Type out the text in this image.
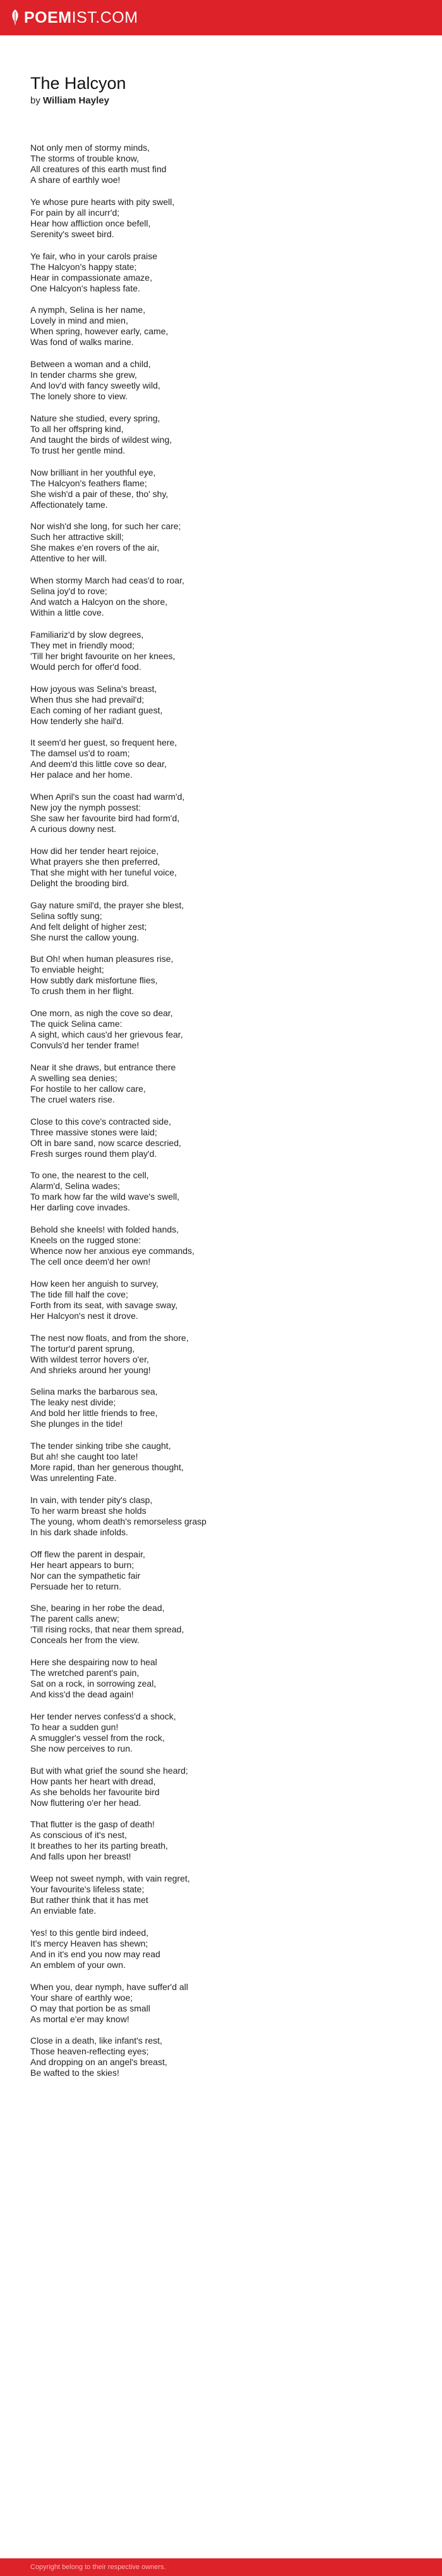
POEM IST.COM
The Halcyon
by William Hayley
Not only men of stormy minds,
The storms of trouble know,
All creatures of this earth must find
A share of earthly woe!
Ye whose pure hearts with pity swell,
For pain by all incurr'd;
Hear how affliction once befell,
Serenity's sweet bird.
Ye fair, who in your carols praise
The Halcyon's happy state;
Hear in compassionate amaze,
One Halcyon's hapless fate.
A nymph, Selina is her name,
Lovely in mind and mien,
When spring, however early, came,
Was fond of walks marine.
Between a woman and a child,
In tender charms she grew,
And lov'd with fancy sweetly wild,
The lonely shore to view.
Nature she studied, every spring,
To all her offspring kind,
And taught the birds of wildest wing,
To trust her gentle mind.
Now brilliant in her youthful eye,
The Halcyon's feathers flame;
She wish'd a pair of these, tho' shy,
Affectionately tame.
Nor wish'd she long, for such her care;
Such her attractive skill;
She makes e'en rovers of the air,
Attentive to her will.
When stormy March had ceas'd to roar,
Selina joy'd to rove;
And watch a Halcyon on the shore,
Within a little cove.
Familiariz'd by slow degrees,
They met in friendly mood;
'Till her bright favourite on her knees,
Would perch for offer'd food.
How joyous was Selina's breast,
When thus she had prevail'd;
Each coming of her radiant guest,
How tenderly she hail'd.
It seem'd her guest, so frequent here,
The damsel us'd to roam;
And deem'd this little cove so dear,
Her palace and her home.
When April's sun the coast had warm'd,
New joy the nymph possest:
She saw her favourite bird had form'd,
A curious downy nest.
How did her tender heart rejoice,
What prayers she then preferred,
That she might with her tuneful voice,
Delight the brooding bird.
Gay nature smil'd, the prayer she blest,
Selina softly sung;
And felt delight of higher zest;
She nurst the callow young.
But Oh! when human pleasures rise,
To enviable height;
How subtly dark misfortune flies,
To crush them in her flight.
One morn, as nigh the cove so dear,
The quick Selina came:
A sight, which caus'd her grievous fear,
Convuls'd her tender frame!
Near it she draws, but entrance there
A swelling sea denies;
For hostile to her callow care,
The cruel waters rise.
Close to this cove's contracted side,
Three massive stones were laid;
Oft in bare sand, now scarce descried,
Fresh surges round them play'd.
To one, the nearest to the cell,
Alarm'd, Selina wades;
To mark how far the wild wave's swell,
Her darling cove invades.
Behold she kneels! with folded hands,
Kneels on the rugged stone:
Whence now her anxious eye commands,
The cell once deem'd her own!
How keen her anguish to survey,
The tide fill half the cove;
Forth from its seat, with savage sway,
Her Halcyon's nest it drove.
The nest now floats, and from the shore,
The tortur'd parent sprung,
With wildest terror hovers o'er,
And shrieks around her young!
Selina marks the barbarous sea,
The leaky nest divide;
And bold her little friends to free,
She plunges in the tide!
The tender sinking tribe she caught,
But ah! she caught too late!
More rapid, than her generous thought,
Was unrelenting Fate.
In vain, with tender pity's clasp,
To her warm breast she holds
The young, whom death's remorseless grasp
In his dark shade infolds.
Off flew the parent in despair,
Her heart appears to burn;
Nor can the sympathetic fair
Persuade her to return.
She, bearing in her robe the dead,
The parent calls anew;
'Till rising rocks, that near them spread,
Conceals her from the view.
Here she despairing now to heal
The wretched parent's pain,
Sat on a rock, in sorrowing zeal,
And kiss'd the dead again!
Her tender nerves confess'd a shock,
To hear a sudden gun!
A smuggler's vessel from the rock,
She now perceives to run.
But with what grief the sound she heard;
How pants her heart with dread,
As she beholds her favourite bird
Now fluttering o'er her head.
That flutter is the gasp of death!
As conscious of it's nest,
It breathes to her its parting breath,
And falls upon her breast!
Weep not sweet nymph, with vain regret,
Your favourite's lifeless state;
But rather think that it has met
An enviable fate.
Yes! to this gentle bird indeed,
It's mercy Heaven has shewn;
And in it's end you now may read
An emblem of your own.
When you, dear nymph, have suffer'd all
Your share of earthly woe;
O may that portion be as small
As mortal e'er may know!
Close in a death, like infant's rest,
Those heaven-reflecting eyes;
And dropping on an angel's breast,
Be wafted to the skies!
Copyright belong to their respective owners.
